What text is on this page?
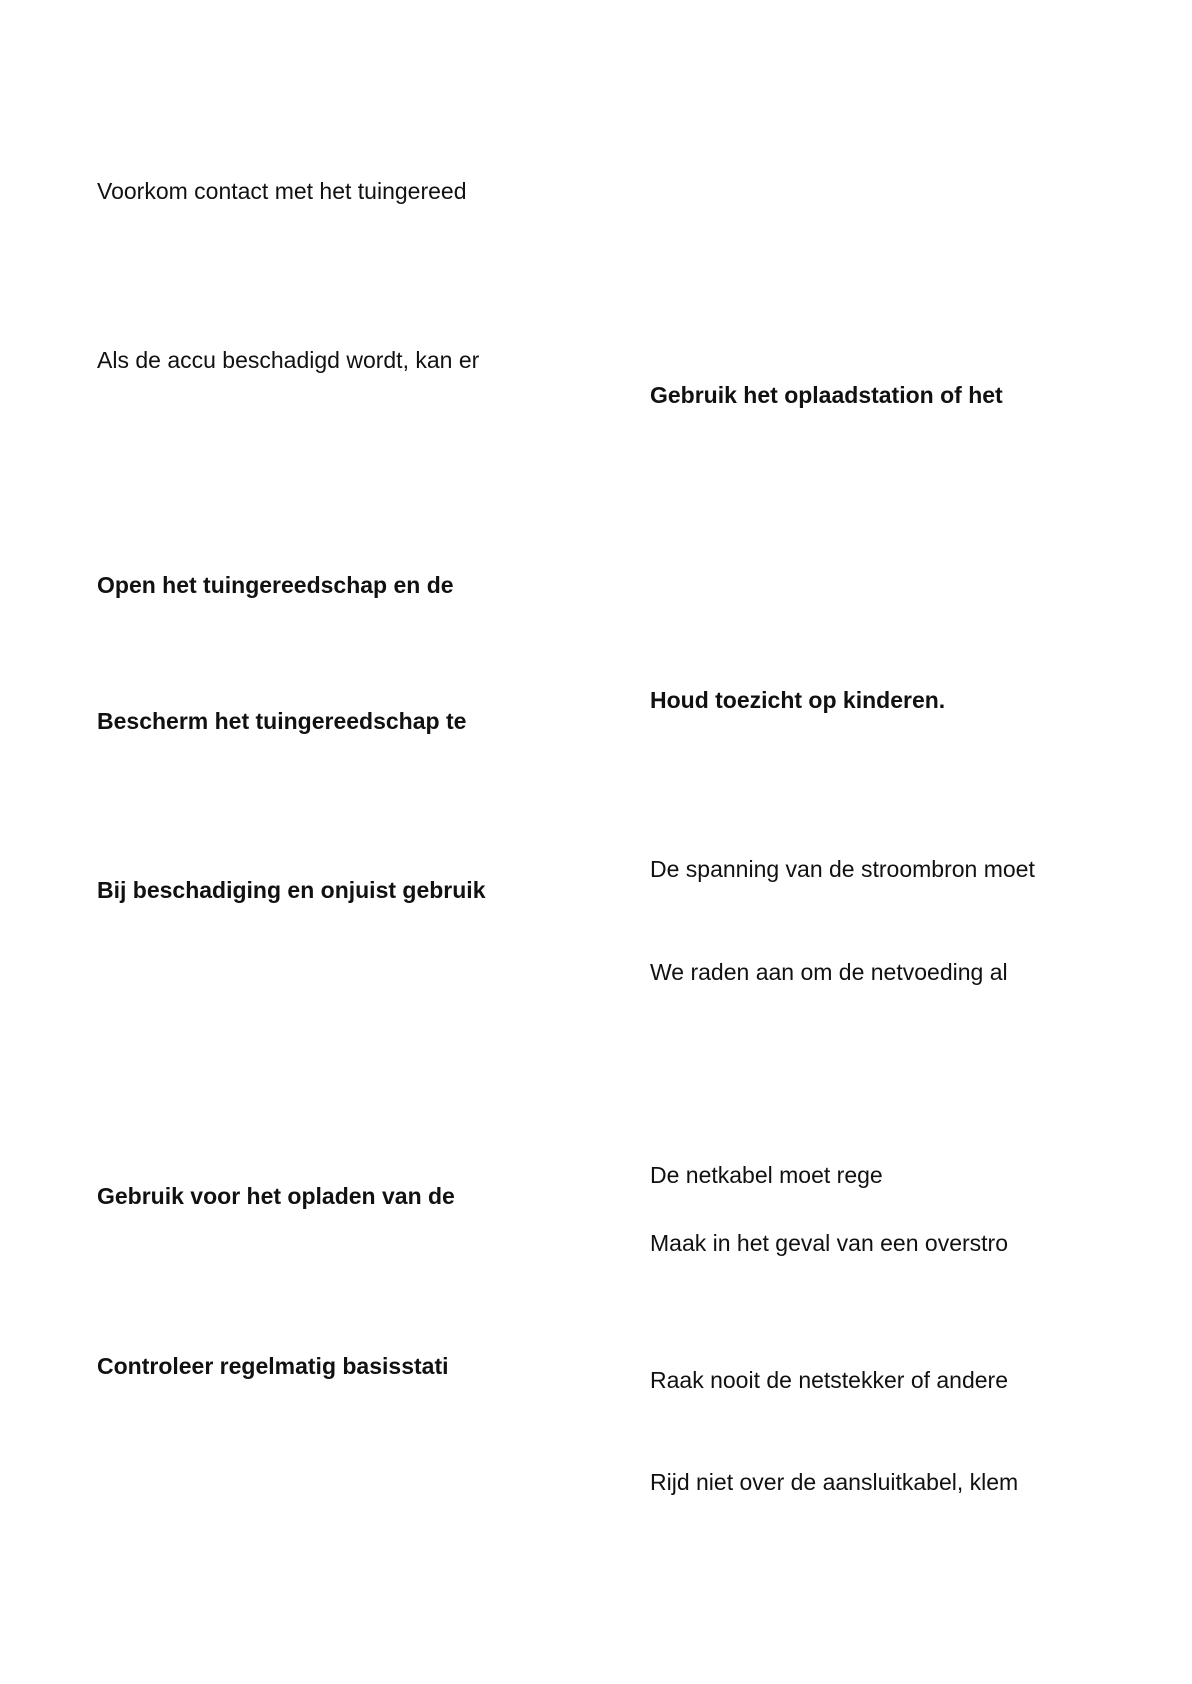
Voorkom contact met het tuingereed
Als de accu beschadigd wordt, kan er
Open het tuingereedschap en de
Bescherm het tuingereedschap te
Bij beschadiging en onjuist gebruik
Gebruik voor het opladen van de
Controleer regelmatig basisstati
Gebruik het oplaadstation of het
Houd toezicht op kinderen.
De spanning van de stroombron moet
We raden aan om de netvoeding al
De netkabel moet rege
Maak in het geval van een overstro
Raak nooit de netstekker of andere
Rijd niet over de aansluitkabel, klem
